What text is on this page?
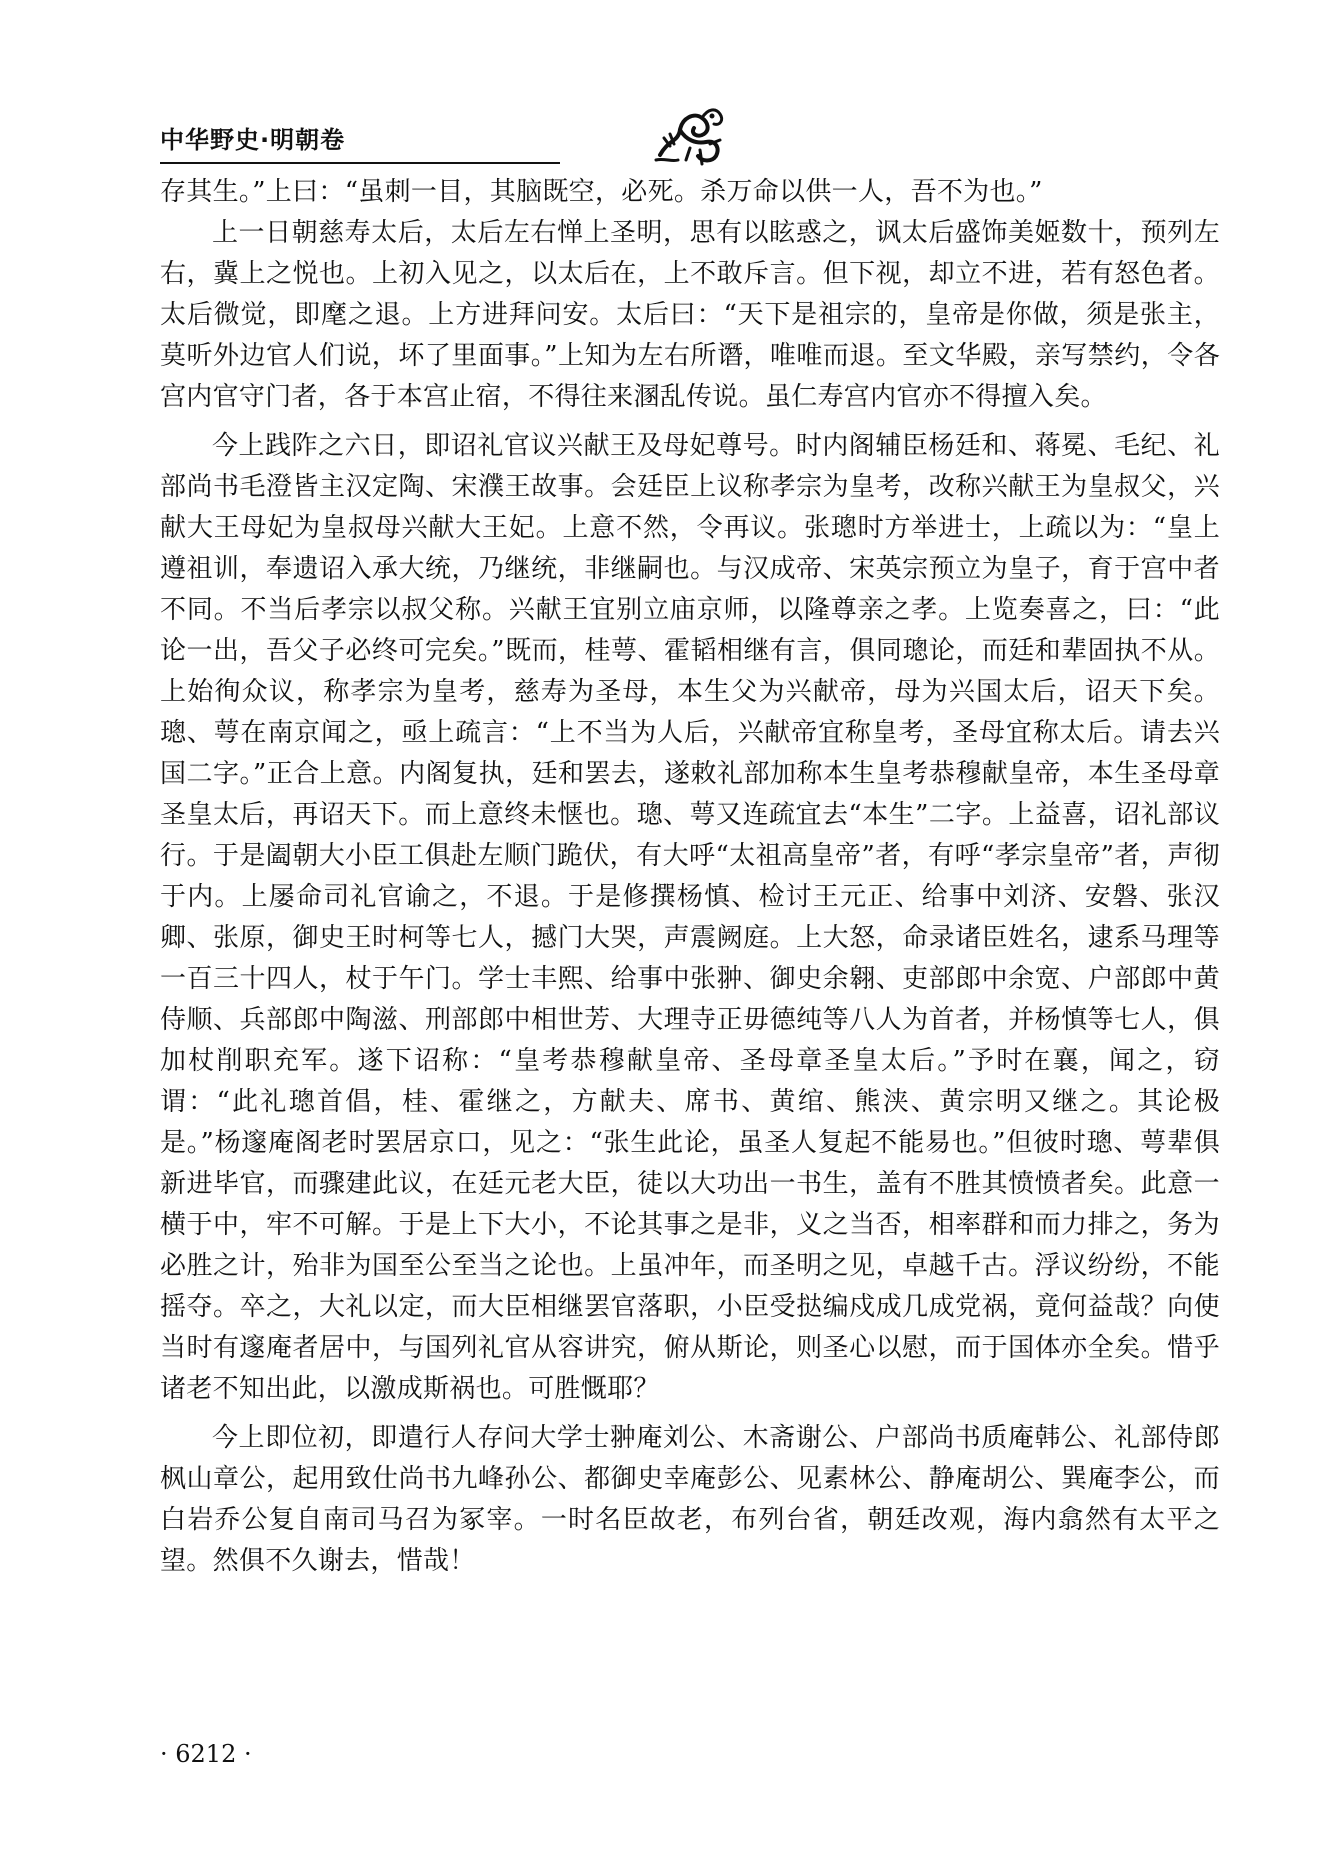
中华野史·明朝卷

存其生。”上曰：“虽刺一目，其脑既空，必死。杀万命以供一人，吾不为也。”

上一日朝慈寿太后，太后左右惮上圣明，思有以眩惑之，讽太后盛饰美姬数十，预列左右，冀上之悦也。上初入见之，以太后在，上不敢斥言。但下视，却立不进，若有怒色者。太后微觉，即麾之退。上方进拜问安。太后曰：“天下是祖宗的，皇帝是你做，须是张主，莫听外边官人们说，坏了里面事。”上知为左右所谮，唯唯而退。至文华殿，亲写禁约，令各宫内官守门者，各于本宫止宿，不得往来溷乱传说。虽仁寿宫内官亦不得擅入矣。

今上践阼之六日，即诏礼官议兴献王及母妃尊号。时内阁辅臣杨廷和、蒋冕、毛纪、礼部尚书毛澄皆主汉定陶、宋濮王故事。会廷臣上议称孝宗为皇考，改称兴献王为皇叔父，兴献大王母妃为皇叔母兴献大王妃。上意不然，令再议。张璁时方举进士，上疏以为：“皇上遵祖训，奉遗诏入承大统，乃继统，非继嗣也。与汉成帝、宋英宗预立为皇子，育于宫中者不同。不当后孝宗以叔父称。兴献王宜别立庙京师，以隆尊亲之孝。上览奏喜之，曰：“此论一出，吾父子必终可完矣。”既而，桂萼、霍韬相继有言，俱同璁论，而廷和辈固执不从。上始徇众议，称孝宗为皇考，慈寿为圣母，本生父为兴献帝，母为兴国太后，诏天下矣。璁、萼在南京闻之，亟上疏言：“上不当为人后，兴献帝宜称皇考，圣母宜称太后。请去兴国二字。”正合上意。内阁复执，廷和罢去，遂敕礼部加称本生皇考恭穆献皇帝，本生圣母章圣皇太后，再诏天下。而上意终未惬也。璁、萼又连疏宜去“本生”二字。上益喜，诏礼部议行。于是阖朝大小臣工俱赴左顺门跪伏，有大呼“太祖高皇帝”者，有呼“孝宗皇帝”者，声彻于内。上屡命司礼官谕之，不退。于是修撰杨慎、检讨王元正、给事中刘济、安磐、张汉卿、张原，御史王时柯等七人，撼门大哭，声震阙庭。上大怒，命录诸臣姓名，逮系马理等一百三十四人，杖于午门。学士丰熙、给事中张翀、御史余翱、吏部郎中余宽、户部郎中黄侍顺、兵部郎中陶滋、刑部郎中相世芳、大理寺正毋德纯等八人为首者，并杨慎等七人，俱加杖削职充军。遂下诏称：“皇考恭穆献皇帝、圣母章圣皇太后。”予时在襄，闻之，窃谓：“此礼璁首倡，桂、霍继之，方献夫、席书、黄绾、熊浃、黄宗明又继之。其论极是。”杨邃庵阁老时罢居京口，见之：“张生此论，虽圣人复起不能易也。”但彼时璁、萼辈俱新进毕官，而骤建此议，在廷元老大臣，徒以大功出一书生，盖有不胜其愤愤者矣。此意一横于中，牢不可解。于是上下大小，不论其事之是非，义之当否，相率群和而力排之，务为必胜之计，殆非为国至公至当之论也。上虽冲年，而圣明之见，卓越千古。浮议纷纷，不能摇夺。卒之，大礼以定，而大臣相继罢官落职，小臣受挞编戍成几成党祸，竟何益哉？向使当时有邃庵者居中，与国列礼官从容讲究，俯从斯论，则圣心以慰，而于国体亦全矣。惜乎诸老不知出此，以激成斯祸也。可胜慨耶？

今上即位初，即遣行人存问大学士翀庵刘公、木斋谢公、户部尚书质庵韩公、礼部侍郎枫山章公，起用致仕尚书九峰孙公、都御史幸庵彭公、见素林公、静庵胡公、巽庵李公，而白岩乔公复自南司马召为冢宰。一时名臣故老，布列台省，朝廷改观，海内翕然有太平之望。然俱不久谢去，惜哉！

· 6212 ·
